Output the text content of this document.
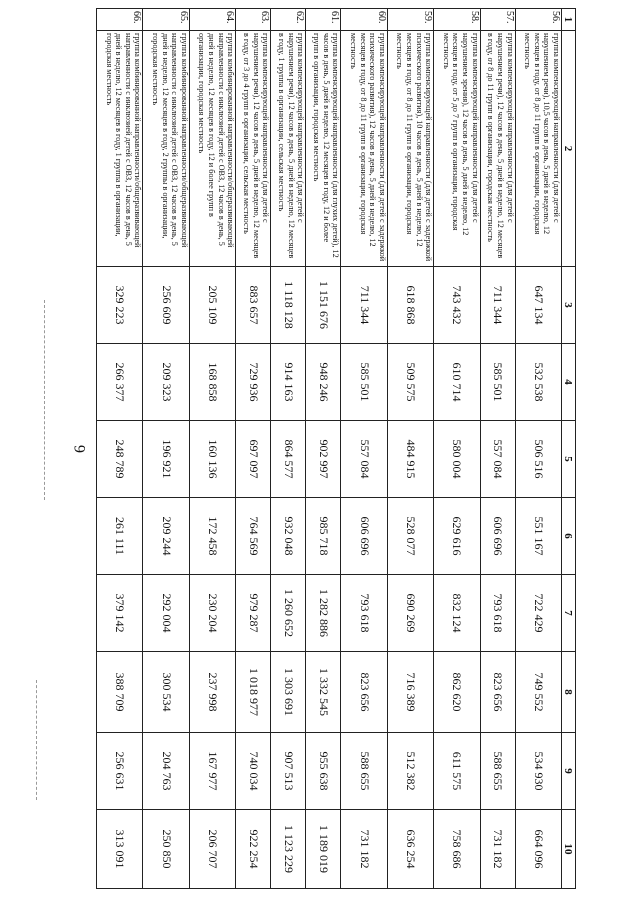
6
1	2	3	4	5	6	7	8	9	10
56.	группа компенсирующей направленности (для детей с нарушением речи), 10,5 часов в день, 5 дней в неделю, 12 месяцев в году, от 8 до 11 групп в организации, городская местность	647 134	532 538	506 516	551 167	722 429	749 552	534 930	664 096
57.	группа компенсирующей направленности (для детей с нарушением речи), 12 часов в день, 5 дней в неделю, 12 месяцев в году, от 8 до 11 групп в организации, городская местность	711 344	585 501	557 084	606 696	793 618	823 656	588 655	731 182
58.	группа компенсирующей направленности (для детей с нарушением зрения), 12 часов в день, 5 дней в неделю, 12 месяцев в году, от 5 до 7 групп в организации, городская местность	743 432	610 714	580 004	629 616	832 124	862 620	611 575	758 686
59.	группа компенсирующей направленности (для детей с задержкой психического развития), 10 часов в день, 5 дней в неделю, 12 месяцев в году, от 8 до 11 групп в организации, городская местность	618 868	509 575	484 915	528 077	690 269	716 389	512 382	636 254
60.	группа компенсирующей направленности (для детей с задержкой психического развития), 12 часов в день, 5 дней в неделю, 12 месяцев в году, от 8 до 11 групп в организации, городская местность	711 344	585 501	557 084	606 696	793 618	823 656	588 655	731 182
61.	группа компенсирующей направленности (для глухих детей), 12 часов в день, 5 дней в неделю, 12 месяцев в году, 12 и более групп в организации, городская местность	1 151 676	948 246	902 997	985 718	1 282 886	1 332 545	955 638	1 189 019
62.	группа компенсирующей направленности (для детей с нарушением речи), 12 часов в день, 5 дней в неделю, 12 месяцев в году, 1 группа в организации, сельская местность	1 118 128	914 163	864 577	932 048	1 260 652	1 303 691	907 513	1 123 229
63.	группа компенсирующей направленности (для детей с нарушением речи), 12 часов в день, 5 дней в неделю, 12 месяцев в году, от 3 до 4 групп в организации, сельская местность	883 657	729 936	697 097	764 569	979 287	1 018 977	740 034	922 254
64.	группа комбинированной направленности/общеразвивающей направленности с инклюзией детей с ОВЗ, 12 часов в день, 5 дней в неделю, 12 месяцев в году, 12 и более групп в организации, городская местность	205 109	168 858	160 136	172 458	230 204	237 998	167 977	206 707
65.	группа комбинированной направленности/общеразвивающей направленности с инклюзией детей с ОВЗ, 12 часов в день, 5 дней в неделю, 12 месяцев в году, 2 группы в организации, городская местность	256 609	209 323	196 921	209 244	292 004	300 534	204 763	250 850
66.	группа комбинированной направленности/общеразвивающей направленности с инклюзией детей с ОВЗ, 12 часов в день, 5 дней в неделю, 12 месяцев в году, 1 группа в организации, городская местность	329 223	266 377	248 789	261 111	379 142	388 709	256 631	313 091
